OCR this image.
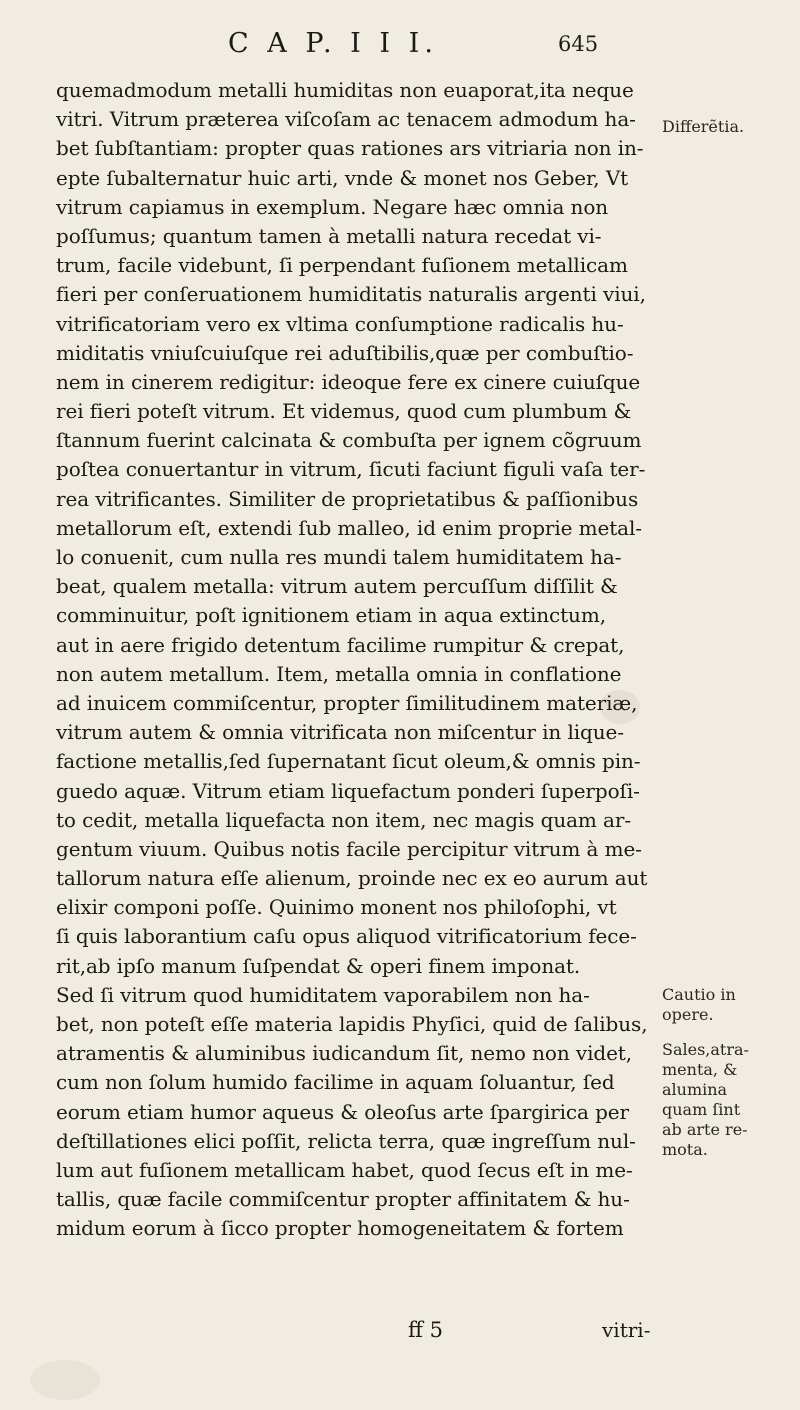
C A P. I I I.	645
quemadmodum metalli humiditas non euaporat,ita neque
vitri. Vitrum præterea viſcoſam ac tenacem admodum ha-
bet ſubſtantiam: propter quas rationes ars vitriaria non in-
epte ſubalternatur huic arti, vnde & monet nos Geber, Vt
vitrum capiamus in exemplum. Negare hæc omnia non
poſſumus; quantum tamen à metalli natura recedat vi-
trum, facile videbunt, ſi perpendant fuſionem metallicam
fieri per conſeruationem humiditatis naturalis argenti viui,
vitrificatoriam vero ex vltima conſumptione radicalis hu-
miditatis vniuſcuiuſque rei aduſtibilis,quæ per combuſtio-
nem in cinerem redigitur: ideoque fere ex cinere cuiuſque
rei fieri poteſt vitrum. Et videmus, quod cum plumbum &
ſtannum fuerint calcinata & combuſta per ignem cõgruum
poſtea conuertantur in vitrum, ſicuti faciunt figuli vaſa ter-
rea vitrificantes. Similiter de proprietatibus & paſſionibus
metallorum eſt, extendi ſub malleo, id enim proprie metal-
lo conuenit, cum nulla res mundi talem humiditatem ha-
beat, qualem metalla: vitrum autem percuſſum diſſilit &
comminuitur, poſt ignitionem etiam in aqua extinctum,
aut in aere frigido detentum facilime rumpitur & crepat,
non autem metallum. Item, metalla omnia in conflatione
ad inuicem commiſcentur, propter ſimilitudinem materiæ,
vitrum autem & omnia vitrificata non miſcentur in lique-
factione metallis,ſed ſupernatant ſicut oleum,& omnis pin-
guedo aquæ. Vitrum etiam liquefactum ponderi ſuperpoſi-
to cedit, metalla liquefacta non item, nec magis quam ar-
gentum viuum. Quibus notis facile percipitur vitrum à me-
tallorum natura eſſe alienum, proinde nec ex eo aurum aut
elixir componi poſſe. Quinimo monent nos philoſophi, vt
ſi quis laborantium caſu opus aliquod vitrificatorium fece-
rit,ab ipſo manum ſuſpendat & operi finem imponat.
Sed ſi vitrum quod humiditatem vaporabilem non ha-
bet, non poteſt eſſe materia lapidis Phyſici, quid de ſalibus,
atramentis & aluminibus iudicandum ſit, nemo non videt,
cum non ſolum humido facilime in aquam ſoluantur, ſed
eorum etiam humor aqueus & oleoſus arte ſpargirica per
deſtillationes elici poſſit, relicta terra, quæ ingreſſum nul-
lum aut fuſionem metallicam habet, quod ſecus eſt in me-
tallis, quæ facile commiſcentur propter affinitatem & hu-
midum eorum à ſicco propter homogeneitatem & fortem
Differẽtia.
Cautio in
opere.
Sales,atra-
menta, &
alumina
quam ſint
ab arte re-
mota.
ff 5	vitri-
